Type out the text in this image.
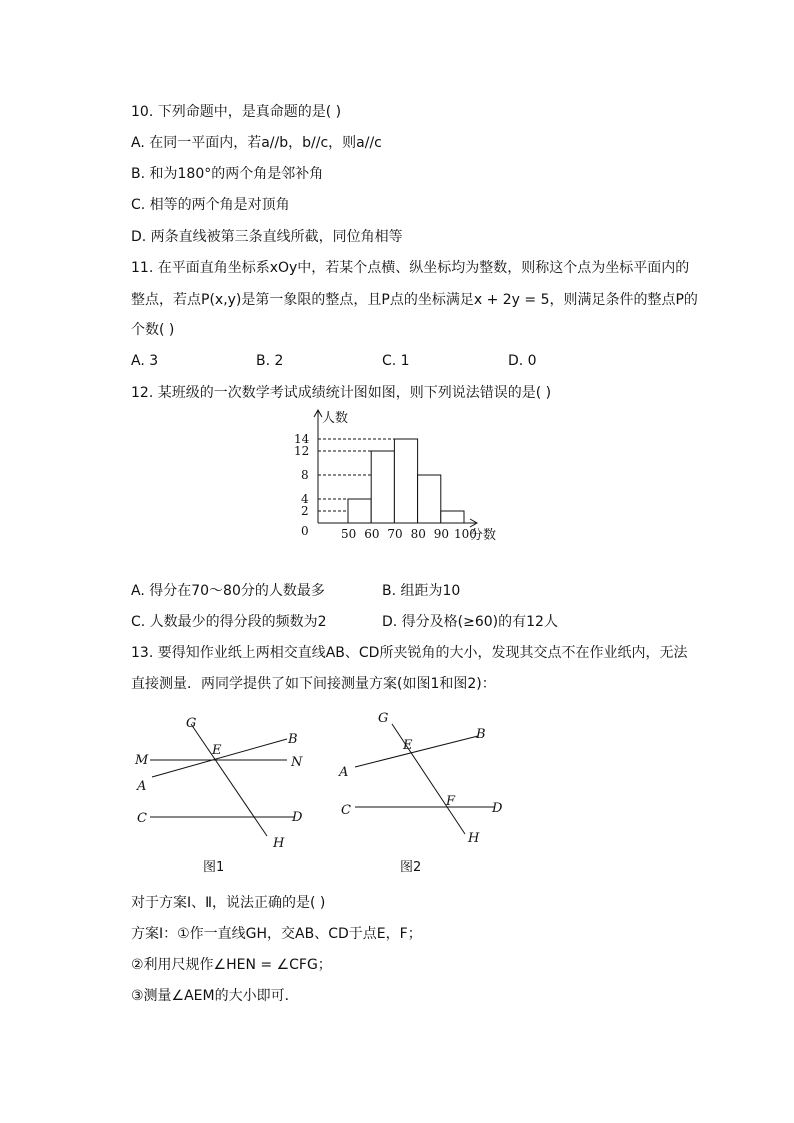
10. 下列命题中，是真命题的是( )
A. 在同一平面内，若a//b，b//c，则a//c
B. 和为180°的两个角是邻补角
C. 相等的两个角是对顶角
D. 两条直线被第三条直线所截，同位角相等
11. 在平面直角坐标系xOy中，若某个点横、纵坐标均为整数，则称这个点为坐标平面内的
整点，若点P(x,y)是第一象限的整点，且P点的坐标满足x + 2y = 5，则满足条件的整点P的
个数( )
A. 3	B. 2	C. 1	D. 0
12. 某班级的一次数学考试成绩统计图如图，则下列说法错误的是( )
0
2
4
8
12
14
50 60 70 80 90 100
人数
分数
A. 得分在70～80分的人数最多	B. 组距为10
C. 人数最少的得分段的频数为2	D. 得分及格(≥60)的有12人
13. 要得知作业纸上两相交直线AB、CD所夹锐角的大小，发现其交点不在作业纸内，无法
直接测量．两同学提供了如下间接测量方案(如图1和图2)：
G
E
B
M	N
A
C	D
H
图1
G
E
B
A
F
C	D
H
图2
对于方案Ⅰ、Ⅱ，说法正确的是( )
方案Ⅰ：①作一直线GH，交AB、CD于点E，F；
②利用尺规作∠HEN = ∠CFG；
③测量∠AEM的大小即可．
